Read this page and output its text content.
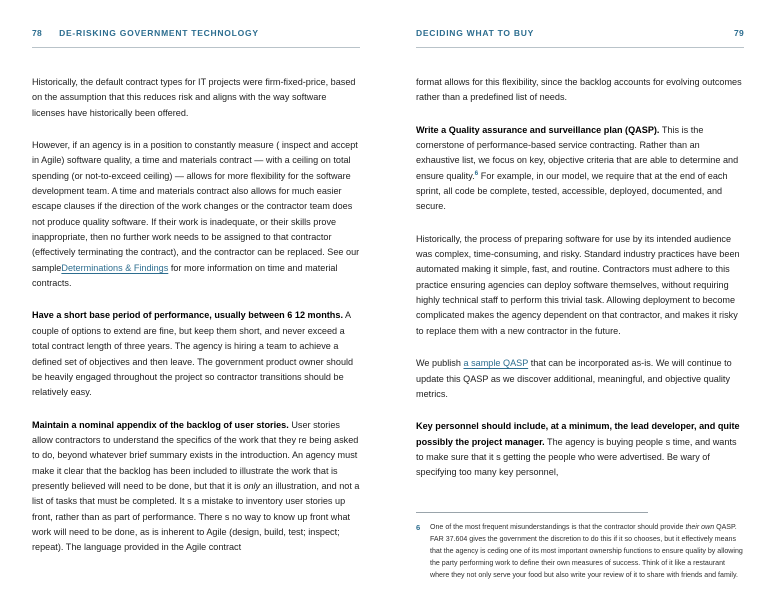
78 DE-RISKING GOVERNMENT TECHNOLOGY

Historically, the default contract types for IT projects were firm-fixed-price, based on the assumption that this reduces risk and aligns with the way software licenses have historically been offered.

However, if an agency is in a position to constantly measure ( inspect and accept in Agile) software quality, a time and materials contract — with a ceiling on total spending (or not-to-exceed ceiling) — allows for more flexibility for the software development team. A time and materials contract also allows for much easier escape clauses if the direction of the work changes or the contractor team does not produce quality software. If their work is inadequate, or their skills prove inappropriate, then no further work needs to be assigned to that contractor (effectively terminating the contract), and the contractor can be replaced. See our sampleDeterminations & Findings for more information on time and material contracts.

Have a short base period of performance, usually between 6 12 months. A couple of options to extend are fine, but keep them short, and never exceed a total contract length of three years. The agency is hiring a team to achieve a defined set of objectives and then leave. The government product owner should be heavily engaged throughout the project so contractor transitions should be relatively easy.

Maintain a nominal appendix of the backlog of user stories. User stories allow contractors to understand the specifics of the work that they re being asked to do, beyond whatever brief summary exists in the introduction. An agency must make it clear that the backlog has been included to illustrate the work that is presently believed will need to be done, but that it is only an illustration, and not a list of tasks that must be completed. It s a mistake to inventory user stories up front, rather than as part of performance. There s no way to know up front what work will need to be done, as is inherent to Agile (design, build, test; inspect; repeat). The language provided in the Agile contract

DECIDING WHAT TO BUY	79

format allows for this flexibility, since the backlog accounts for evolving outcomes rather than a predefined list of needs.

Write a Quality assurance and surveillance plan (QASP). This is the cornerstone of performance-based service contracting. Rather than an exhaustive list, we focus on key, objective criteria that are able to determine and ensure quality.$^6$ For example, in our model, we require that at the end of each sprint, all code be complete, tested, accessible, deployed, documented, and secure.

Historically, the process of preparing software for use by its intended audience was complex, time-consuming, and risky. Standard industry practices have been automated making it simple, fast, and routine. Contractors must adhere to this practice ensuring agencies can deploy software themselves, without requiring highly technical staff to perform this trivial task. Allowing deployment to become complicated makes the agency dependent on that contractor, and makes it risky to replace them with a new contractor in the future.

We publish a sample QASP that can be incorporated as-is. We will continue to update this QASP as we discover additional, meaningful, and objective quality metrics.

Key personnel should include, at a minimum, the lead developer, and quite possibly the project manager. The agency is buying people s time, and wants to make sure that it s getting the people who were advertised. Be wary of specifying too many key personnel,

6	One of the most frequent misunderstandings is that the contractor should provide their own QASP. FAR 37.604 gives the government the discretion to do this if it so chooses, but it effectively means that the agency is ceding one of its most important ownership functions to ensure quality by allowing the party performing work to define their own measures of success. Think of it like a restaurant where they not only serve your food but also write your review of it to share with friends and family.
